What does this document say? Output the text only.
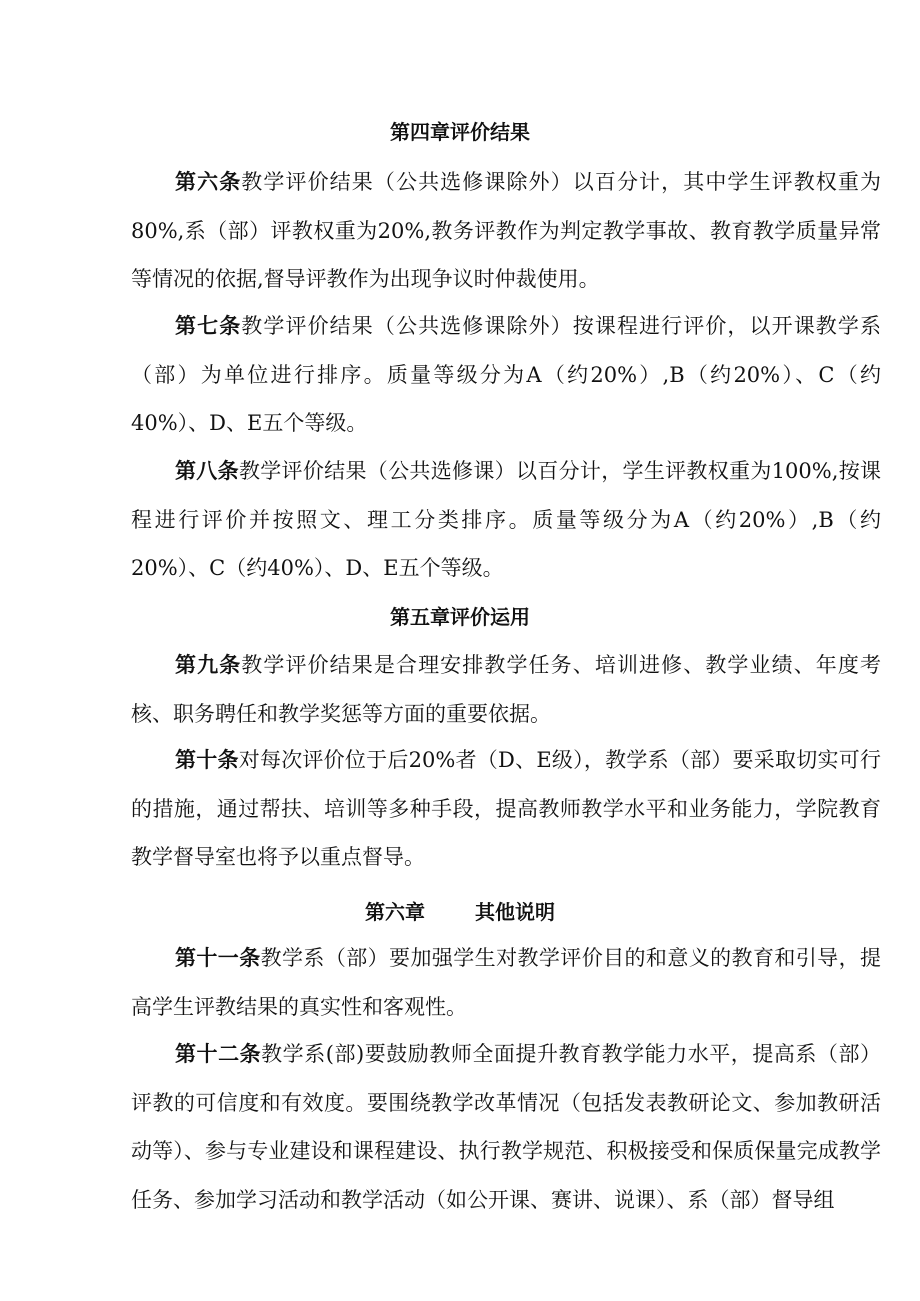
第四章评价结果

第六条教学评价结果（公共选修课除外）以百分计，其中学生评教权重为80%,系（部）评教权重为20%,教务评教作为判定教学事故、教育教学质量异常等情况的依据,督导评教作为出现争议时仲裁使用。

第七条教学评价结果（公共选修课除外）按课程进行评价，以开课教学系（部）为单位进行排序。质量等级分为A（约20%）,B（约20%）、C（约40%）、D、E五个等级。

第八条教学评价结果（公共选修课）以百分计，学生评教权重为100%,按课程进行评价并按照文、理工分类排序。质量等级分为A（约20%）,B（约20%）、C（约40%）、D、E五个等级。

第五章评价运用

第九条教学评价结果是合理安排教学任务、培训进修、教学业绩、年度考核、职务聘任和教学奖惩等方面的重要依据。

第十条对每次评价位于后20%者（D、E级），教学系（部）要采取切实可行的措施，通过帮扶、培训等多种手段，提高教师教学水平和业务能力，学院教育教学督导室也将予以重点督导。

第六章	其他说明

第十一条教学系（部）要加强学生对教学评价目的和意义的教育和引导，提高学生评教结果的真实性和客观性。

第十二条教学系(部)要鼓励教师全面提升教育教学能力水平，提高系（部）评教的可信度和有效度。要围绕教学改革情况（包括发表教研论文、参加教研活动等）、参与专业建设和课程建设、执行教学规范、积极接受和保质保量完成教学任务、参加学习活动和教学活动（如公开课、赛讲、说课）、系（部）督导组
